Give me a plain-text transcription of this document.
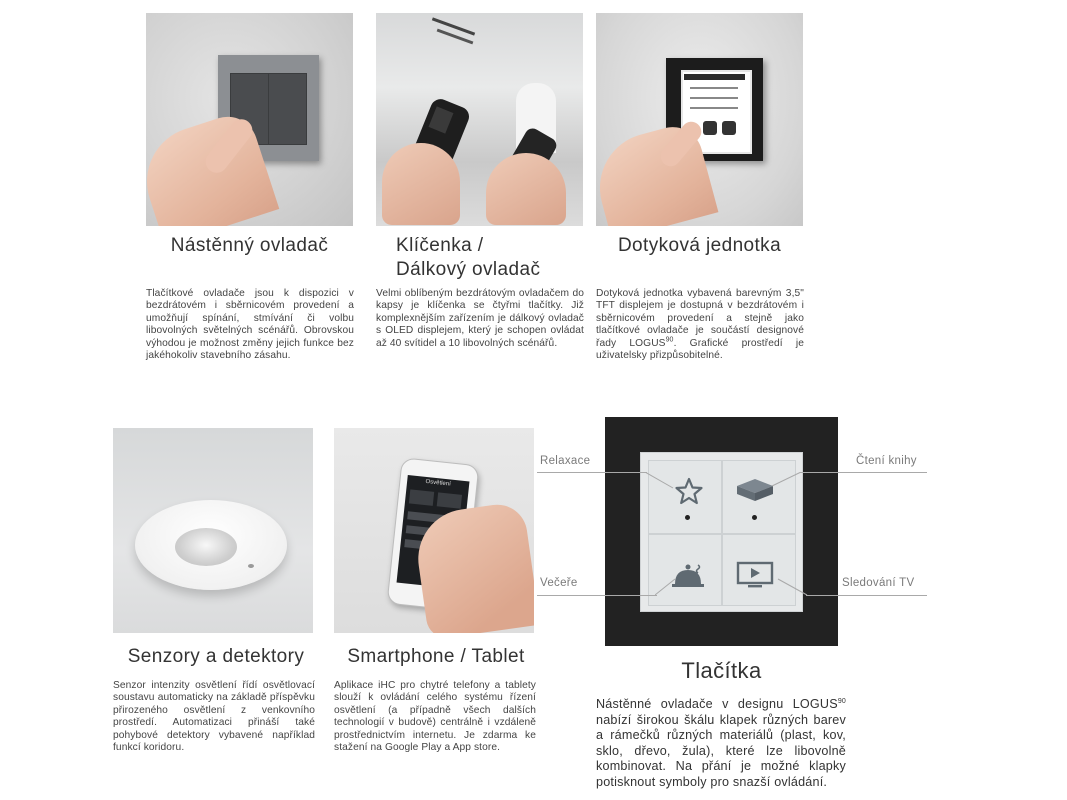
Nástěnný ovladač	Klíčenka /
Dálkový ovladač
Dotyková jednotka
Tlačítkové ovladače jsou k dispozici v bezdrátovém i sběrnicovém provedení a umožňují spínání, stmívání či volbu libovolných světelných scénářů. Obrovskou výhodou je možnost změny jejich funkce bez jakéhokoliv stavebního zásahu.
Velmi oblíbeným bezdrátovým ovladačem do kapsy je klíčenka se čtyřmi tlačítky. Již komplexnějším zařízením je dálkový ovladač s OLED displejem, který je schopen ovládat až 40 svítidel a 10 libovolných scénářů.
Dotyková jednotka vybavená barevným 3,5" TFT displejem je dostupná v bezdrátovém i sběrnicovém provedení a stejně jako tlačítkové ovladače je součástí designové řady LOGUS$^{90}$. Grafické prostředí je uživatelsky přizpůsobitelné.
Osvětlení
Senzory a detektory	Smartphone / Tablet
Senzor intenzity osvětlení řídí osvětlovací soustavu automaticky na základě příspěvku přirozeného osvětlení z venkovního prostředí. Automatizaci přináší také pohybové detektory vybavené například funkcí koridoru.
Aplikace iHC pro chytré telefony a tablety slouží k ovládání celého systému řízení osvětlení (a případně všech dalších technologií v budově) centrálně i vzdáleně prostřednictvím internetu. Je zdarma ke stažení na Google Play a App store.
Relaxace	Čtení knihy
Večeře	Sledování TV
Tlačítka
Nástěnné ovladače v designu LOGUS$^{90}$ nabízí širokou škálu klapek různých barev a rámečků různých materiálů (plast, kov, sklo, dřevo, žula), které lze libovolně kombinovat. Na přání je možné klapky potisknout symboly pro snazší ovládání.
